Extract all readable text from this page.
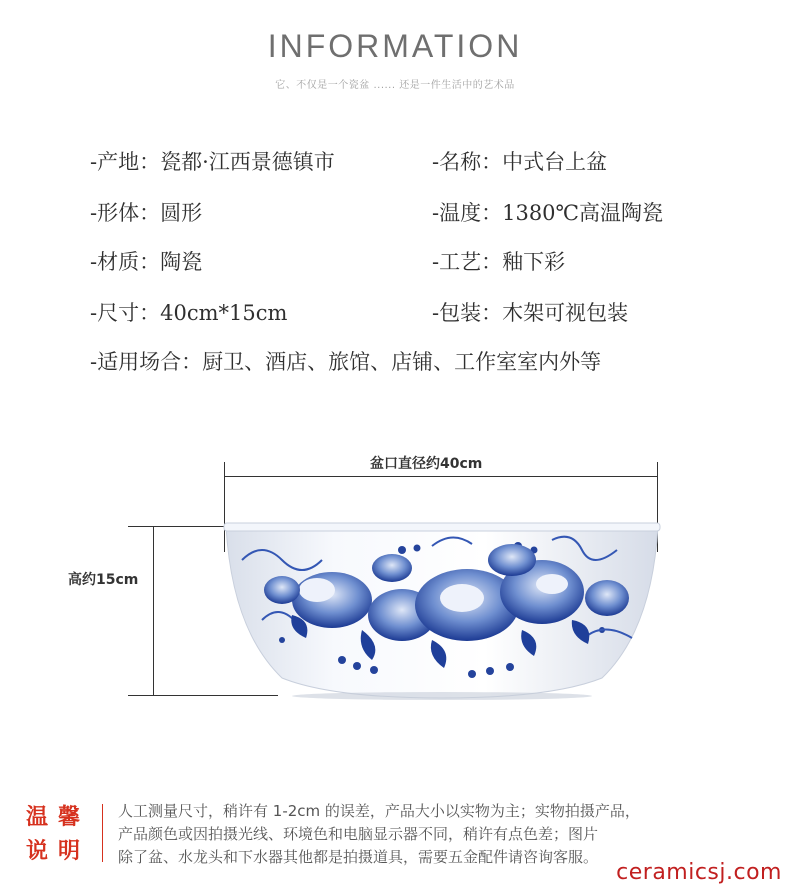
INFORMATION
它、不仅是一个瓷盆 ...... 还是一件生活中的艺术品
-产地：瓷都·江西景德镇市	-名称：中式台上盆
-形体：圆形	-温度：1380℃高温陶瓷
-材质：陶瓷	-工艺：釉下彩
-尺寸：40cm*15cm	-包装：木架可视包装
-适用场合：厨卫、酒店、旅馆、店铺、工作室室内外等
盆口直径约40cm
高约15cm
温馨
说明
人工测量尺寸，稍许有 1-2cm 的误差，产品大小以实物为主；实物拍摄产品，
产品颜色或因拍摄光线、环境色和电脑显示器不同，稍许有点色差；图片
除了盆、水龙头和下水器其他都是拍摄道具，需要五金配件请咨询客服。
ceramicsj.com
